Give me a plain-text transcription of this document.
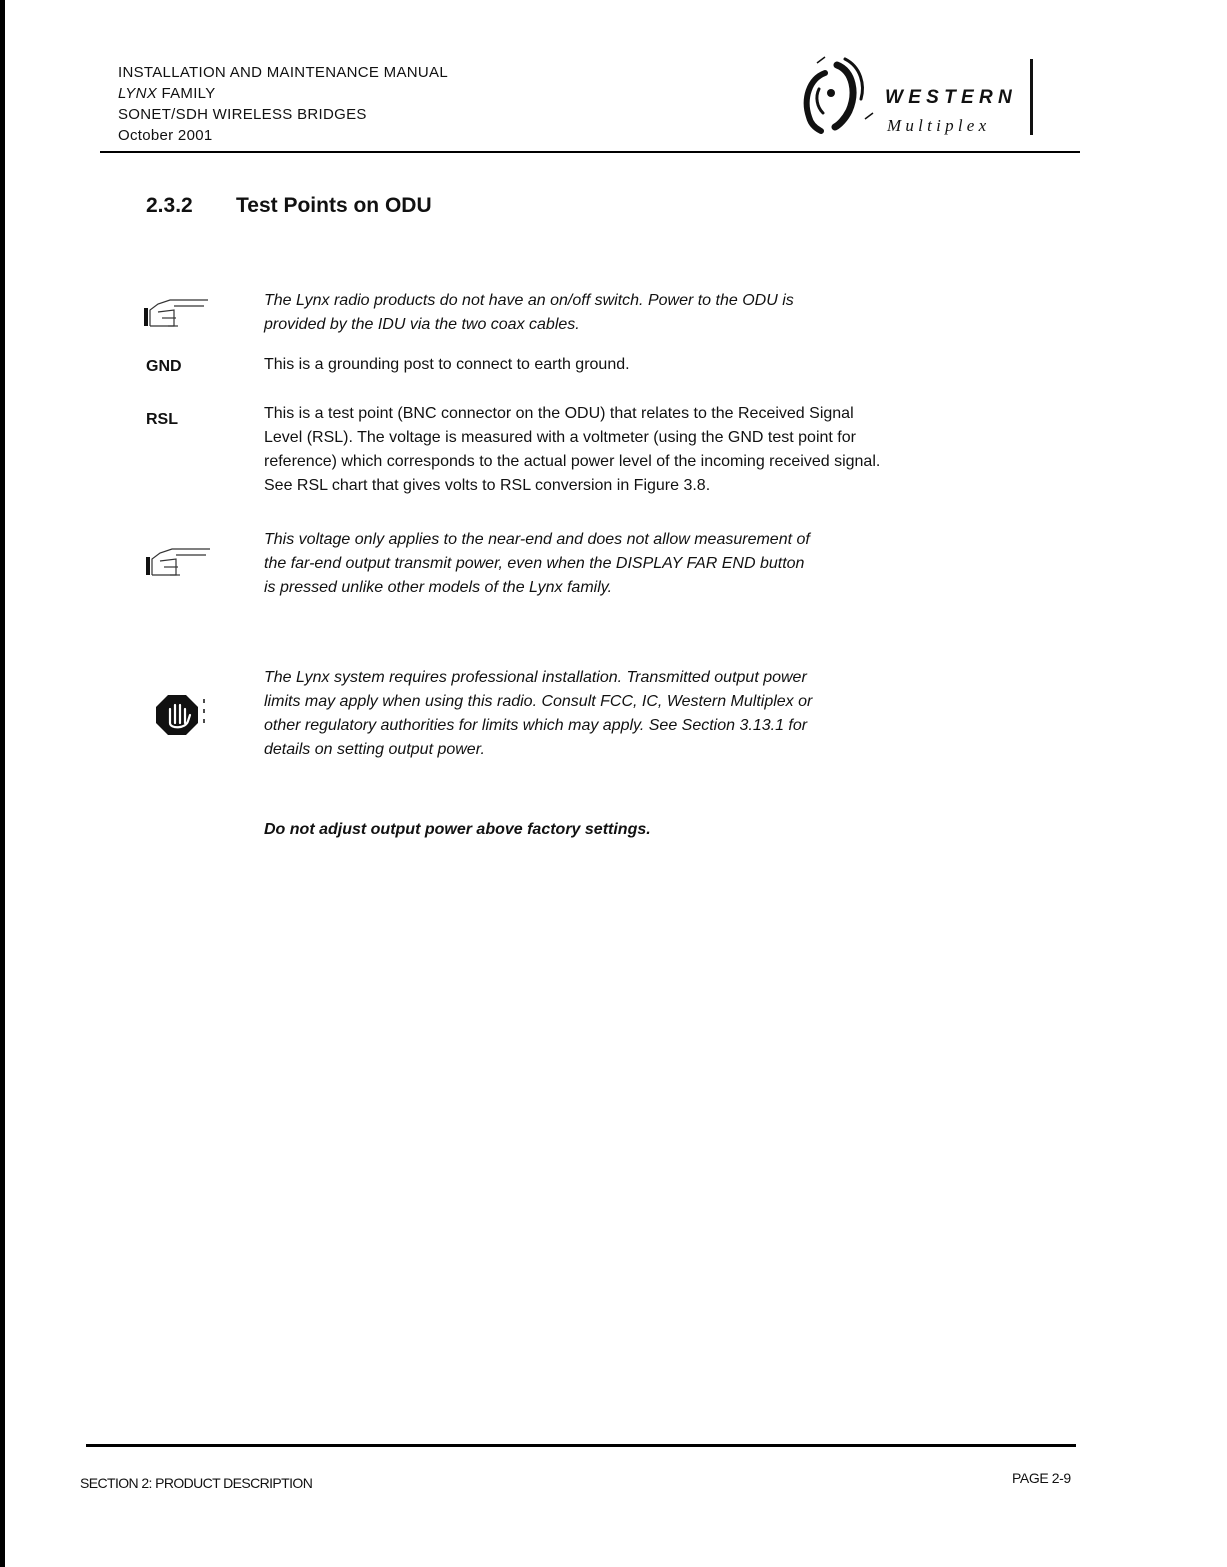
INSTALLATION AND MAINTENANCE MANUAL
LYNX FAMILY
SONET/SDH WIRELESS BRIDGES
October 2001
W E S T E R N
M u l t i p l e x
2.3.2 Test Points on ODU
The Lynx radio products do not have an on/off switch. Power to the ODU is
provided by the IDU via the two coax cables.
GND	This is a grounding post to connect to earth ground.
RSL	This is a test point (BNC connector on the ODU) that relates to the Received Signal
Level (RSL). The voltage is measured with a voltmeter (using the GND test point for
reference) which corresponds to the actual power level of the incoming received signal.
See RSL chart that gives volts to RSL conversion in Figure 3.8.
This voltage only applies to the near-end and does not allow measurement of
the far-end output transmit power, even when the DISPLAY FAR END button
is pressed unlike other models of the Lynx family.
The Lynx system requires professional installation. Transmitted output power
limits may apply when using this radio. Consult FCC, IC, Western Multiplex or
other regulatory authorities for limits which may apply. See Section 3.13.1 for
details on setting output power.
Do not adjust output power above factory settings.
SECTION 2: PRODUCT DESCRIPTION	PAGE 2-9
